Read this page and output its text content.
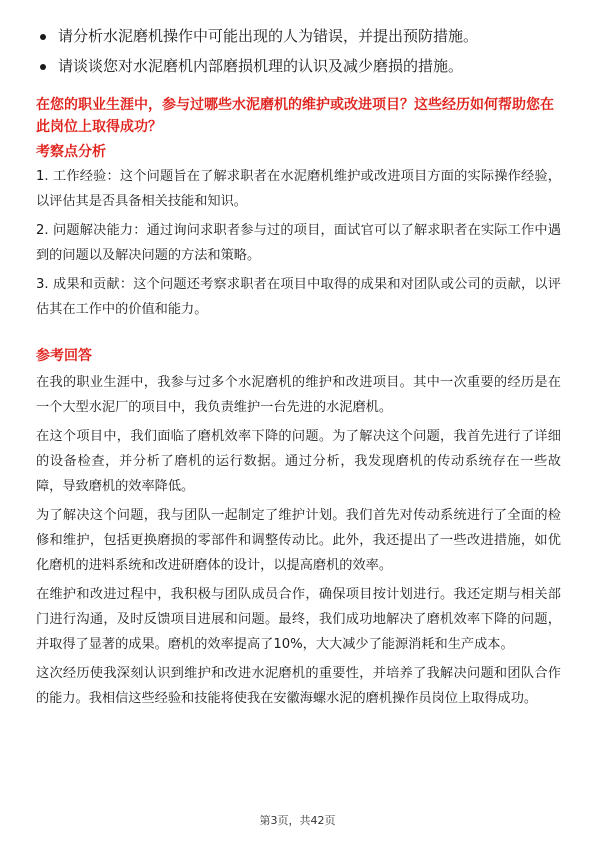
请分析水泥磨机操作中可能出现的人为错误，并提出预防措施。
请谈谈您对水泥磨机内部磨损机理的认识及减少磨损的措施。
在您的职业生涯中，参与过哪些水泥磨机的维护或改进项目？这些经历如何帮助您在此岗位上取得成功？
考察点分析

1. 工作经验：这个问题旨在了解求职者在水泥磨机维护或改进项目方面的实际操作经验，以评估其是否具备相关技能和知识。

2. 问题解决能力：通过询问求职者参与过的项目，面试官可以了解求职者在实际工作中遇到的问题以及解决问题的方法和策略。

3. 成果和贡献：这个问题还考察求职者在项目中取得的成果和对团队或公司的贡献，以评估其在工作中的价值和能力。

参考回答

在我的职业生涯中，我参与过多个水泥磨机的维护和改进项目。其中一次重要的经历是在一个大型水泥厂的项目中，我负责维护一台先进的水泥磨机。

在这个项目中，我们面临了磨机效率下降的问题。为了解决这个问题，我首先进行了详细的设备检查，并分析了磨机的运行数据。通过分析，我发现磨机的传动系统存在一些故障，导致磨机的效率降低。

为了解决这个问题，我与团队一起制定了维护计划。我们首先对传动系统进行了全面的检修和维护，包括更换磨损的零部件和调整传动比。此外，我还提出了一些改进措施，如优化磨机的进料系统和改进研磨体的设计，以提高磨机的效率。

在维护和改进过程中，我积极与团队成员合作，确保项目按计划进行。我还定期与相关部门进行沟通，及时反馈项目进展和问题。最终，我们成功地解决了磨机效率下降的问题，并取得了显著的成果。磨机的效率提高了10%，大大减少了能源消耗和生产成本。

这次经历使我深刻认识到维护和改进水泥磨机的重要性，并培养了我解决问题和团队合作的能力。我相信这些经验和技能将使我在安徽海螺水泥的磨机操作员岗位上取得成功。

第3页，共42页
